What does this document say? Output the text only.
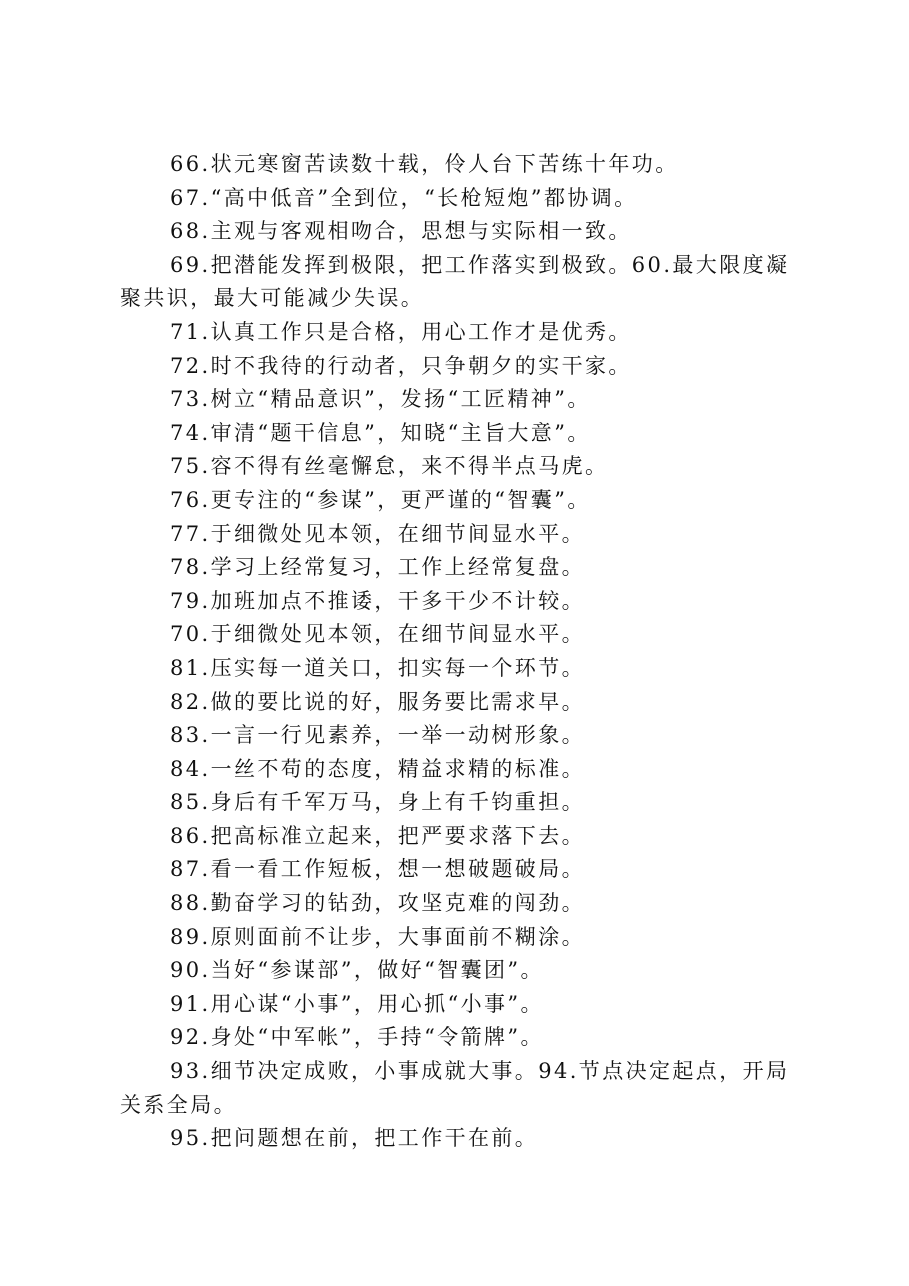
66.状元寒窗苦读数十载，伶人台下苦练十年功。

67.“高中低音”全到位，“长枪短炮”都协调。

68.主观与客观相吻合，思想与实际相一致。

69.把潜能发挥到极限，把工作落实到极致。60.最大限度凝聚共识，最大可能减少失误。

71.认真工作只是合格，用心工作才是优秀。

72.时不我待的行动者，只争朝夕的实干家。

73.树立“精品意识”，发扬“工匠精神”。

74.审清“题干信息”，知晓“主旨大意”。

75.容不得有丝毫懈怠，来不得半点马虎。

76.更专注的“参谋”，更严谨的“智囊”。

77.于细微处见本领，在细节间显水平。

78.学习上经常复习，工作上经常复盘。

79.加班加点不推诿，干多干少不计较。

70.于细微处见本领，在细节间显水平。

81.压实每一道关口，扣实每一个环节。

82.做的要比说的好，服务要比需求早。

83.一言一行见素养，一举一动树形象。

84.一丝不苟的态度，精益求精的标准。

85.身后有千军万马，身上有千钧重担。

86.把高标准立起来，把严要求落下去。

87.看一看工作短板，想一想破题破局。

88.勤奋学习的钻劲，攻坚克难的闯劲。

89.原则面前不让步，大事面前不糊涂。

90.当好“参谋部”，做好“智囊团”。

91.用心谋“小事”，用心抓“小事”。

92.身处“中军帐”，手持“令箭牌”。

93.细节决定成败，小事成就大事。94.节点决定起点，开局关系全局。

95.把问题想在前，把工作干在前。
